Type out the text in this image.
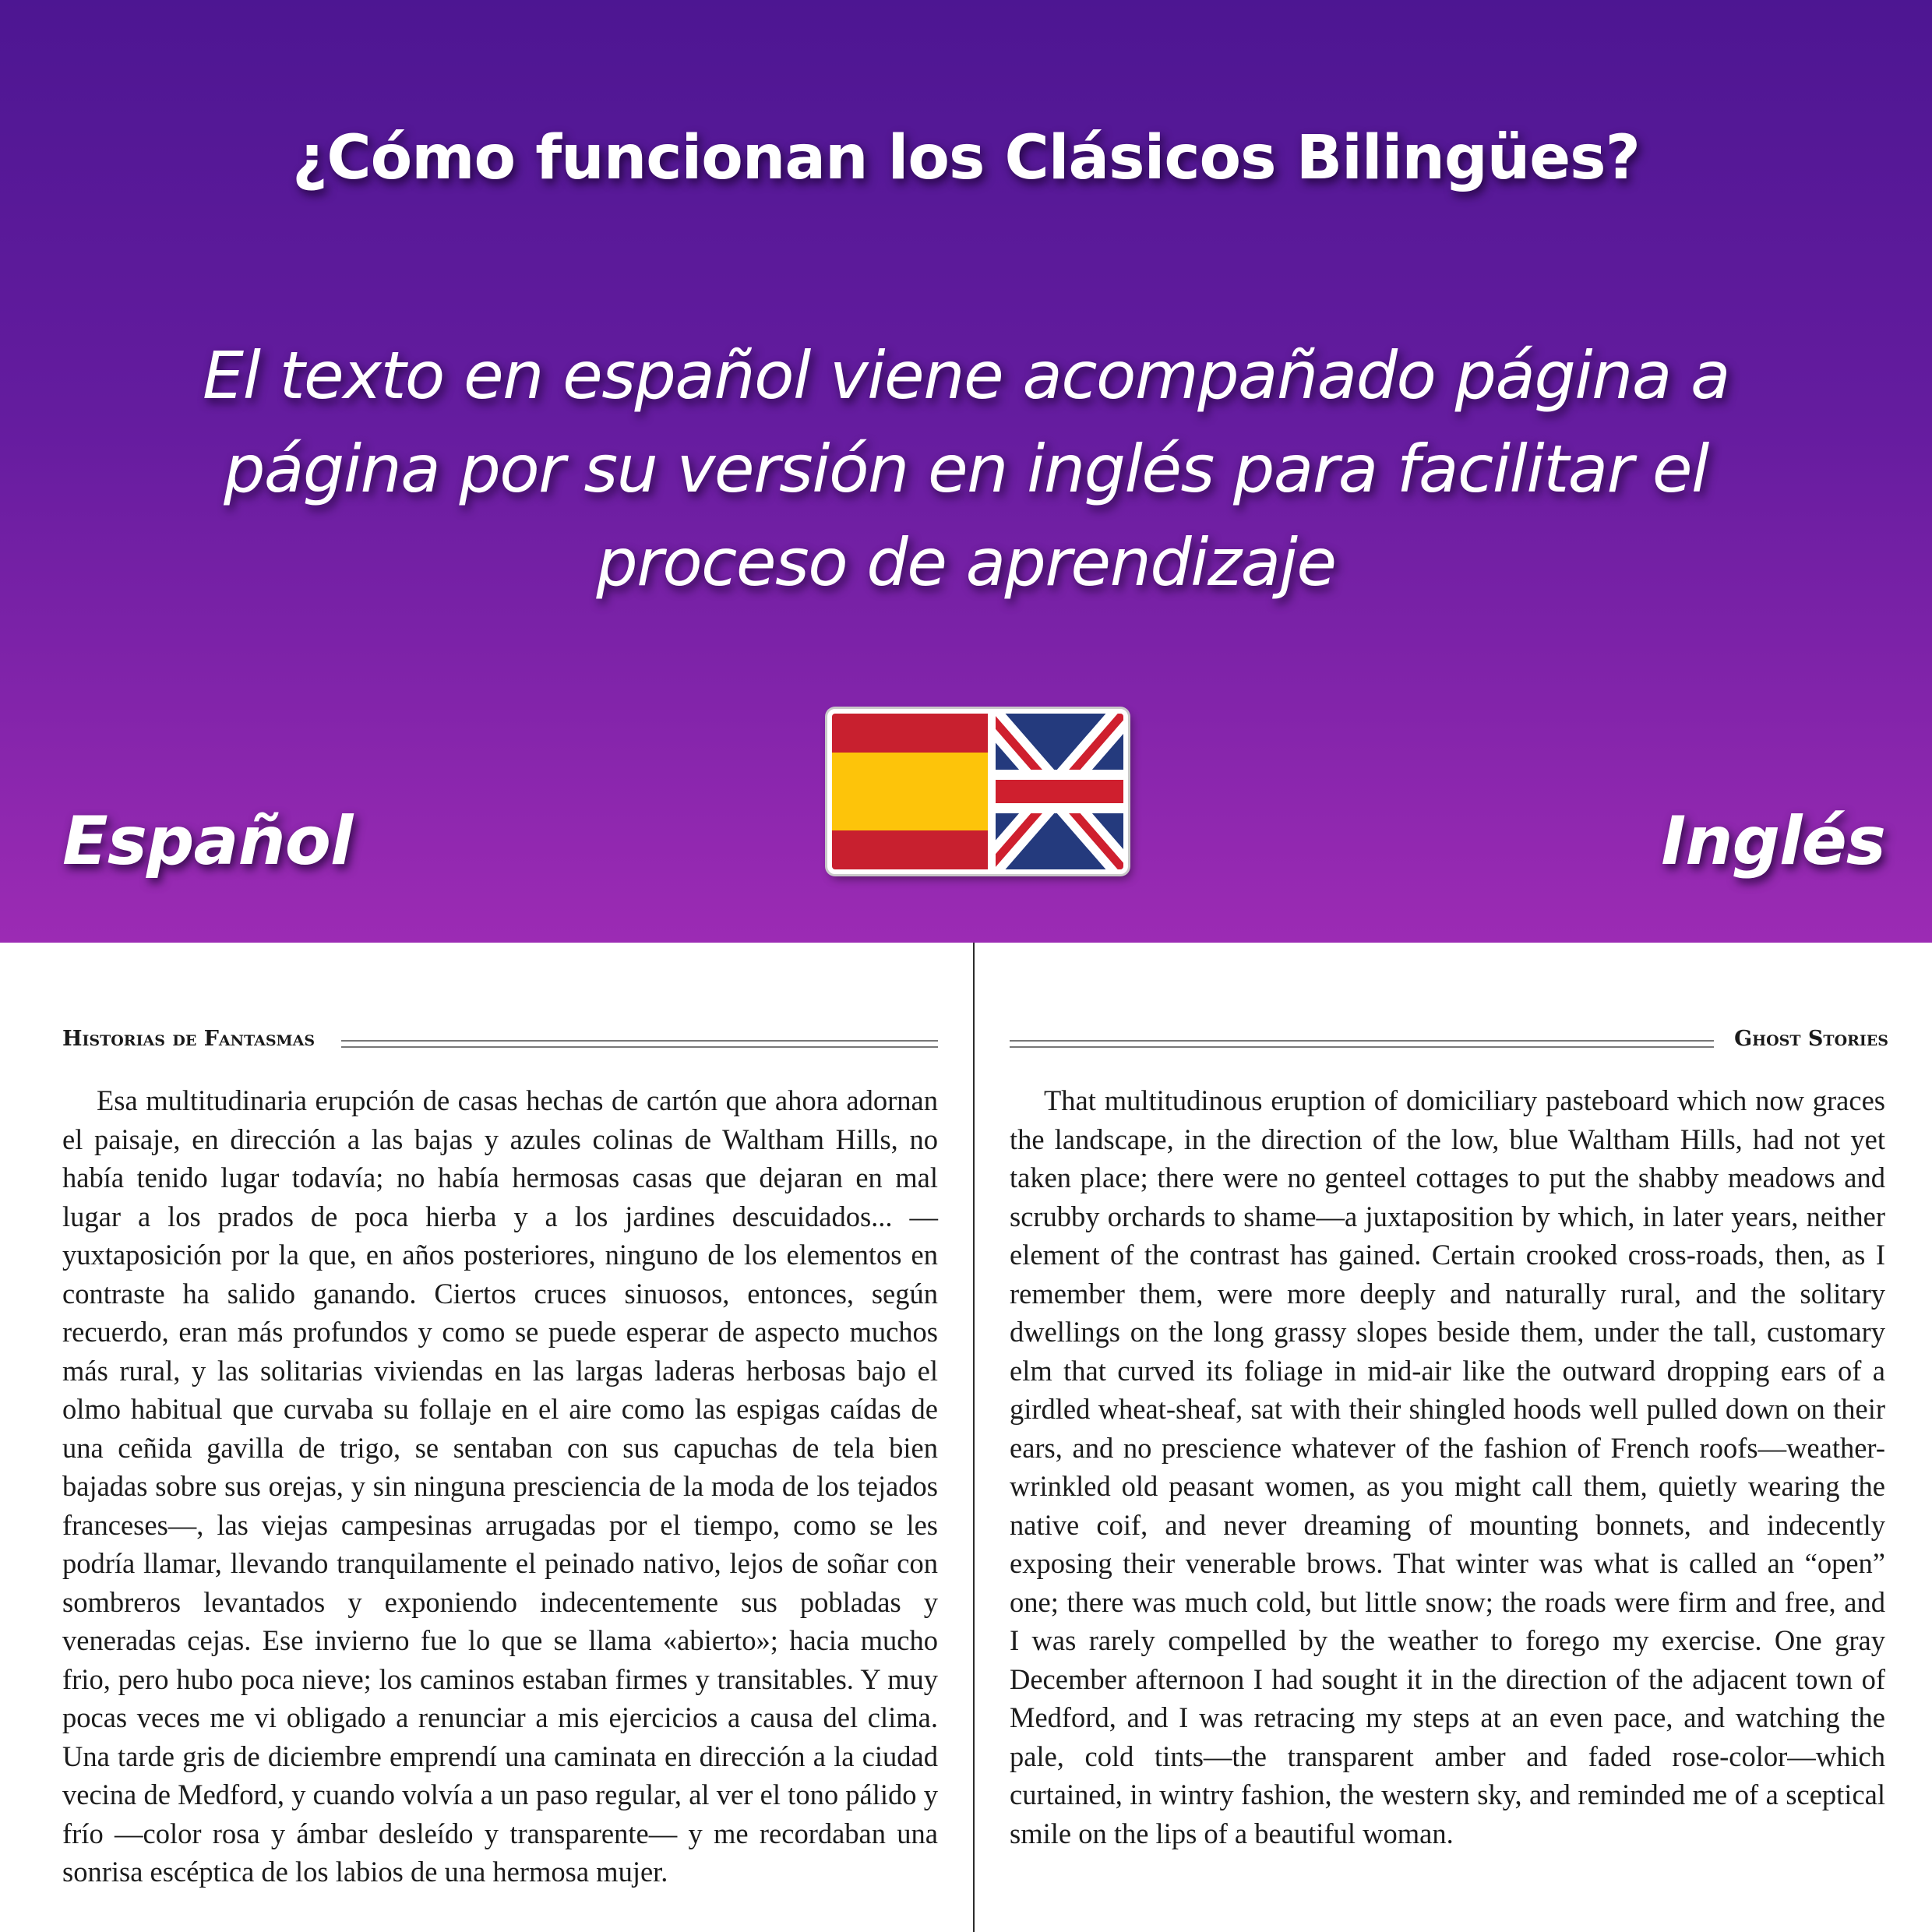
¿Cómo funcionan los Clásicos Bilingües?

El texto en español viene acompañado página a página por su versión en inglés para facilitar el proceso de aprendizaje

Español	Inglés
Historias de Fantasmas

Esa multitudinaria erupción de casas hechas de cartón que ahora adornan el paisaje, en dirección a las bajas y azules colinas de Waltham Hills, no había tenido lugar todavía; no había hermosas casas que dejaran en mal lugar a los prados de poca hierba y a los jardines descuidados... —yuxtaposición por la que, en años posteriores, ninguno de los elementos en contraste ha salido ganando. Ciertos cruces sinuosos, entonces, según recuerdo, eran más profundos y como se puede esperar de aspecto muchos más rural, y las solitarias viviendas en las largas laderas herbosas bajo el olmo habitual que curvaba su follaje en el aire como las espigas caídas de una ceñida gavilla de trigo, se sentaban con sus capuchas de tela bien bajadas sobre sus orejas, y sin ninguna presciencia de la moda de los tejados franceses—, las viejas campesinas arrugadas por el tiempo, como se les podría llamar, llevando tranquilamente el peinado nativo, lejos de soñar con sombreros levantados y exponiendo indecentemente sus pobladas y veneradas cejas. Ese invierno fue lo que se llama «abierto»; hacia mucho frio, pero hubo poca nieve; los caminos estaban firmes y transitables. Y muy pocas veces me vi obligado a renunciar a mis ejercicios a causa del clima. Una tarde gris de diciembre emprendí una caminata en dirección a la ciudad vecina de Medford, y cuando volvía a un paso regular, al ver el tono pálido y frío —color rosa y ámbar desleído y transparente— y me recordaban una sonrisa escéptica de los labios de una hermosa mujer.

Ghost Stories

That multitudinous eruption of domiciliary pasteboard which now graces the landscape, in the direction of the low, blue Waltham Hills, had not yet taken place; there were no genteel cottages to put the shabby meadows and scrubby orchards to shame—a juxtaposition by which, in later years, neither element of the contrast has gained. Certain crooked cross-roads, then, as I remember them, were more deeply and naturally rural, and the solitary dwellings on the long grassy slopes beside them, under the tall, customary elm that curved its foliage in mid-air like the outward dropping ears of a girdled wheat-sheaf, sat with their shingled hoods well pulled down on their ears, and no prescience whatever of the fashion of French roofs—weather-wrinkled old peasant women, as you might call them, quietly wearing the native coif, and never dreaming of mounting bonnets, and indecently exposing their venerable brows. That winter was what is called an “open” one; there was much cold, but little snow; the roads were firm and free, and I was rarely compelled by the weather to forego my exercise. One gray December afternoon I had sought it in the direction of the adjacent town of Medford, and I was retracing my steps at an even pace, and watching the pale, cold tints—the transparent amber and faded rose-color—which curtained, in wintry fashion, the western sky, and reminded me of a sceptical smile on the lips of a beautiful woman.
